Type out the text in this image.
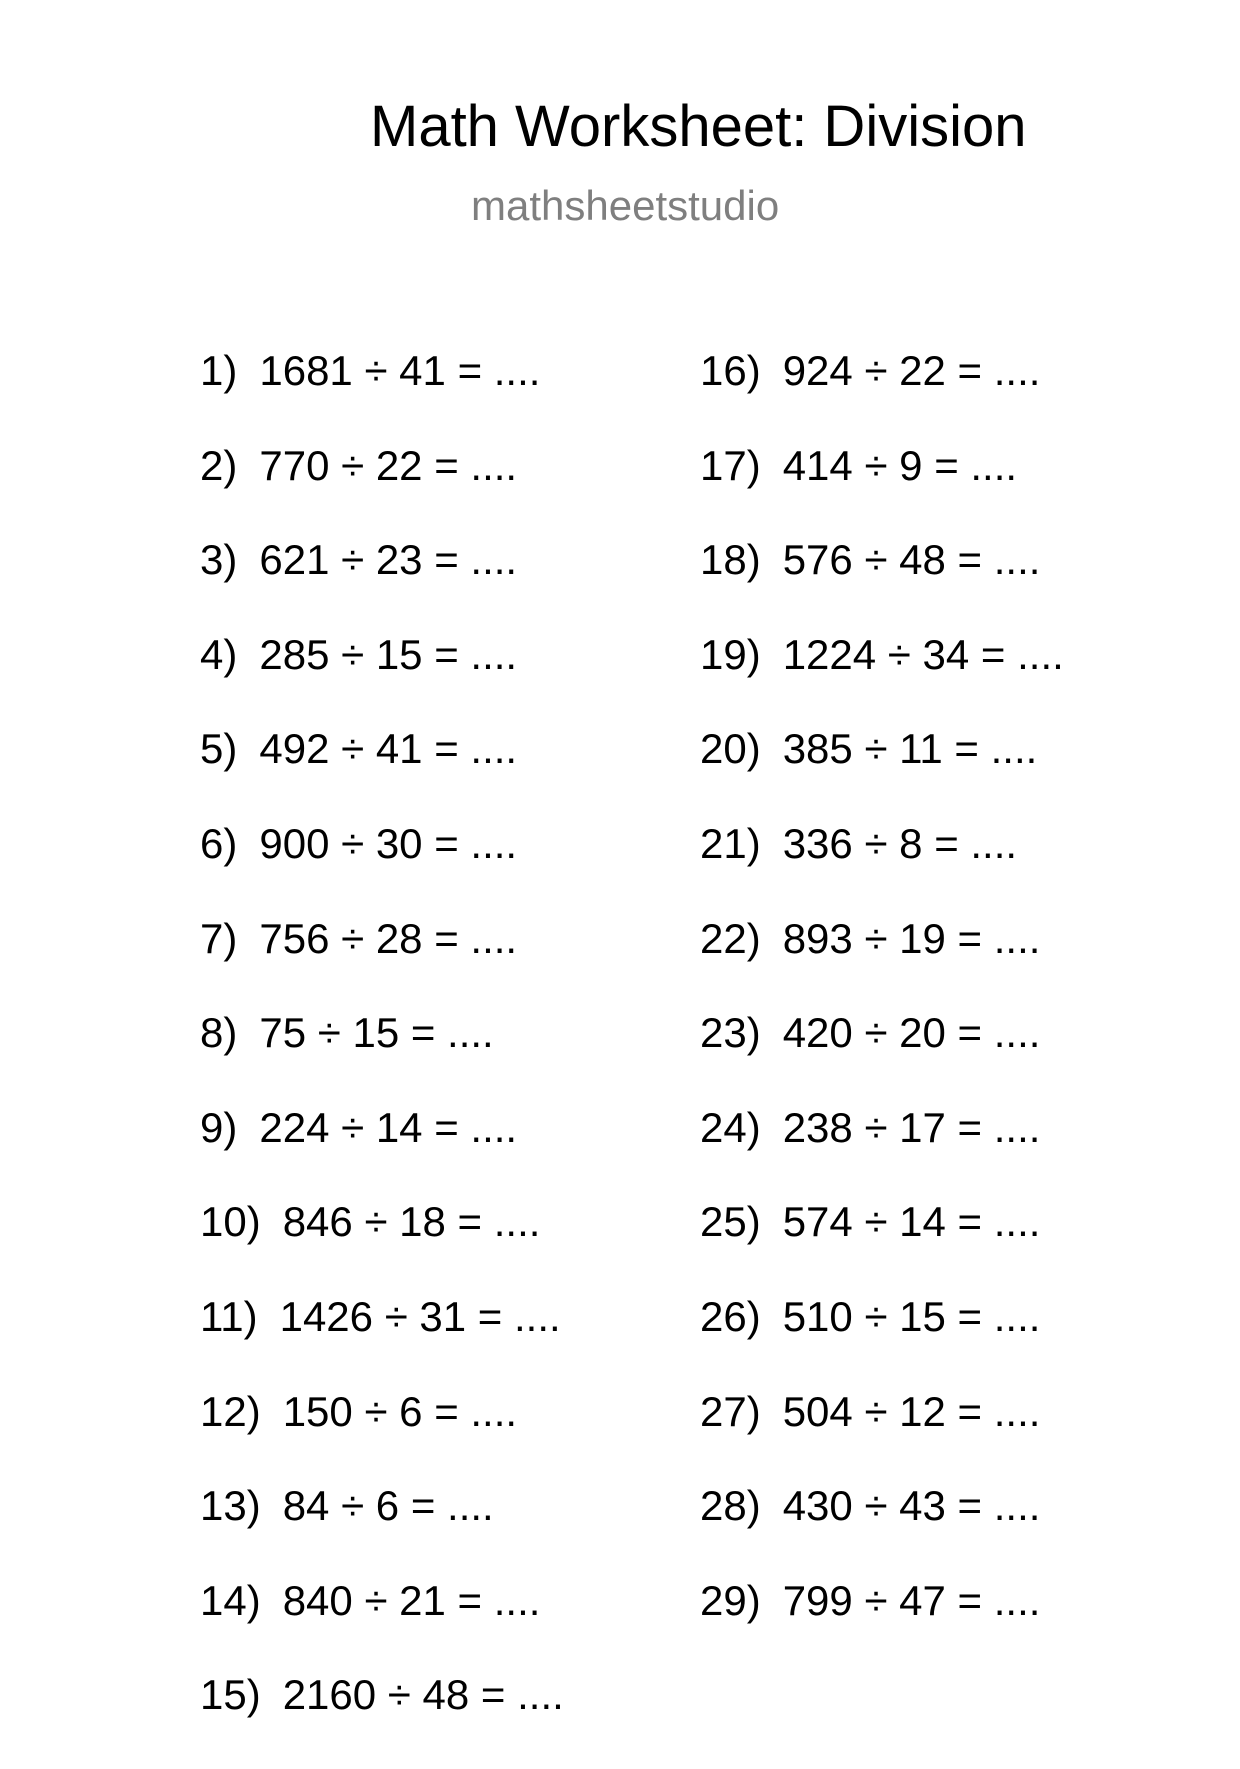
Math Worksheet: Division
mathsheetstudio
1) 1681 ÷ 41 = ....
2) 770 ÷ 22 = ....
3) 621 ÷ 23 = ....
4) 285 ÷ 15 = ....
5) 492 ÷ 41 = ....
6) 900 ÷ 30 = ....
7) 756 ÷ 28 = ....
8) 75 ÷ 15 = ....
9) 224 ÷ 14 = ....
10) 846 ÷ 18 = ....
11) 1426 ÷ 31 = ....
12) 150 ÷ 6 = ....
13) 84 ÷ 6 = ....
14) 840 ÷ 21 = ....
15) 2160 ÷ 48 = ....
16) 924 ÷ 22 = ....
17) 414 ÷ 9 = ....
18) 576 ÷ 48 = ....
19) 1224 ÷ 34 = ....
20) 385 ÷ 11 = ....
21) 336 ÷ 8 = ....
22) 893 ÷ 19 = ....
23) 420 ÷ 20 = ....
24) 238 ÷ 17 = ....
25) 574 ÷ 14 = ....
26) 510 ÷ 15 = ....
27) 504 ÷ 12 = ....
28) 430 ÷ 43 = ....
29) 799 ÷ 47 = ....
